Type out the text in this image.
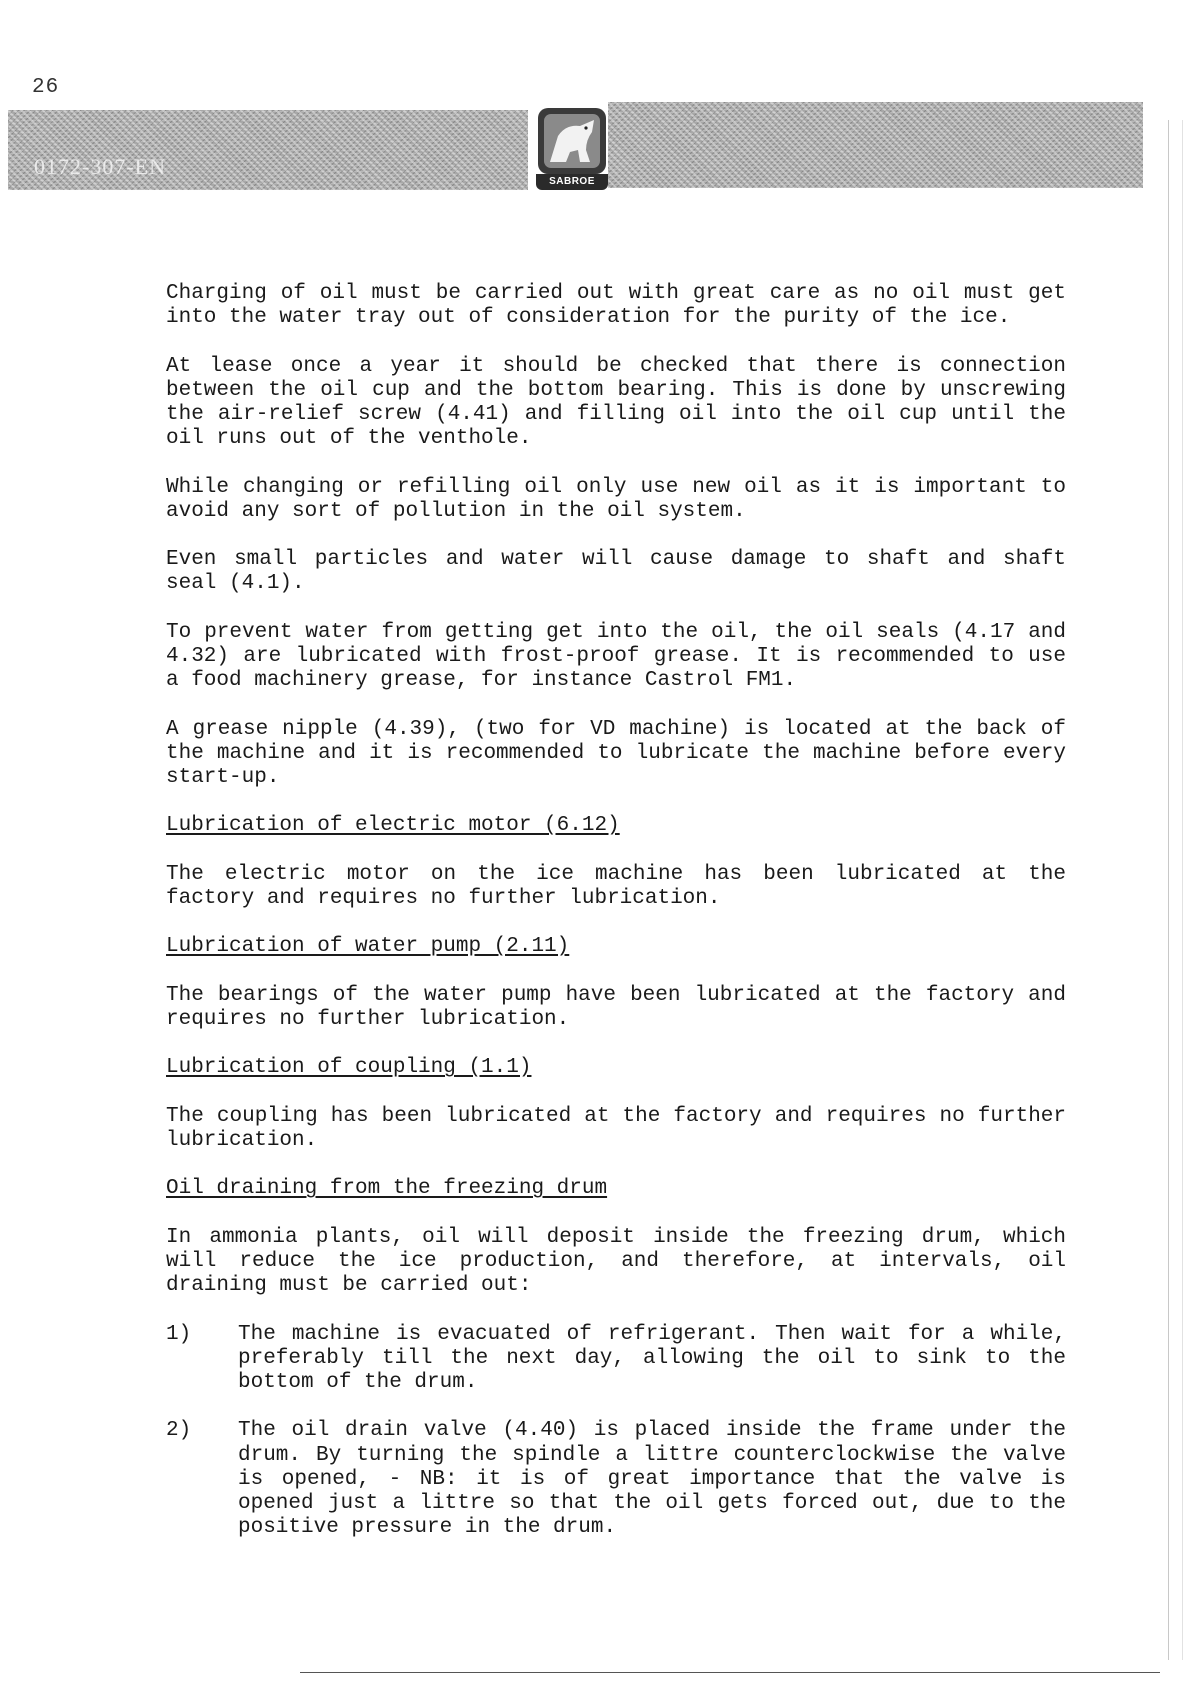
26
0172-307-EN
SABROE

Charging of oil must be carried out with great care as no oil must get into the water tray out of consideration for the purity of the ice.

At lease once a year it should be checked that there is connection between the oil cup and the bottom bearing. This is done by unscrewing the air-relief screw (4.41) and filling oil into the oil cup until the oil runs out of the venthole.

While changing or refilling oil only use new oil as it is important to avoid any sort of pollution in the oil system.

Even small particles and water will cause damage to shaft and shaft seal (4.1).

To prevent water from getting get into the oil, the oil seals (4.17 and 4.32) are lubricated with frost-proof grease. It is recommended to use a food machinery grease, for instance Castrol FM1.

A grease nipple (4.39), (two for VD machine) is located at the back of the machine and it is recommended to lubricate the machine before every start-up.

Lubrication of electric motor (6.12)

The electric motor on the ice machine has been lubricated at the factory and requires no further lubrication.

Lubrication of water pump (2.11)

The bearings of the water pump have been lubricated at the factory and requires no further lubrication.

Lubrication of coupling (1.1)

The coupling has been lubricated at the factory and requires no further lubrication.

Oil draining from the freezing drum

In ammonia plants, oil will deposit inside the freezing drum, which will reduce the ice production, and therefore, at intervals, oil draining must be carried out:

1)	The machine is evacuated of refrigerant. Then wait for a while, preferably till the next day, allowing the oil to sink to the bottom of the drum.
2)	The oil drain valve (4.40) is placed inside the frame under the drum. By turning the spindle a littre counterclockwise the valve is opened, - NB: it is of great importance that the valve is opened just a littre so that the oil gets forced out, due to the positive pressure in the drum.
